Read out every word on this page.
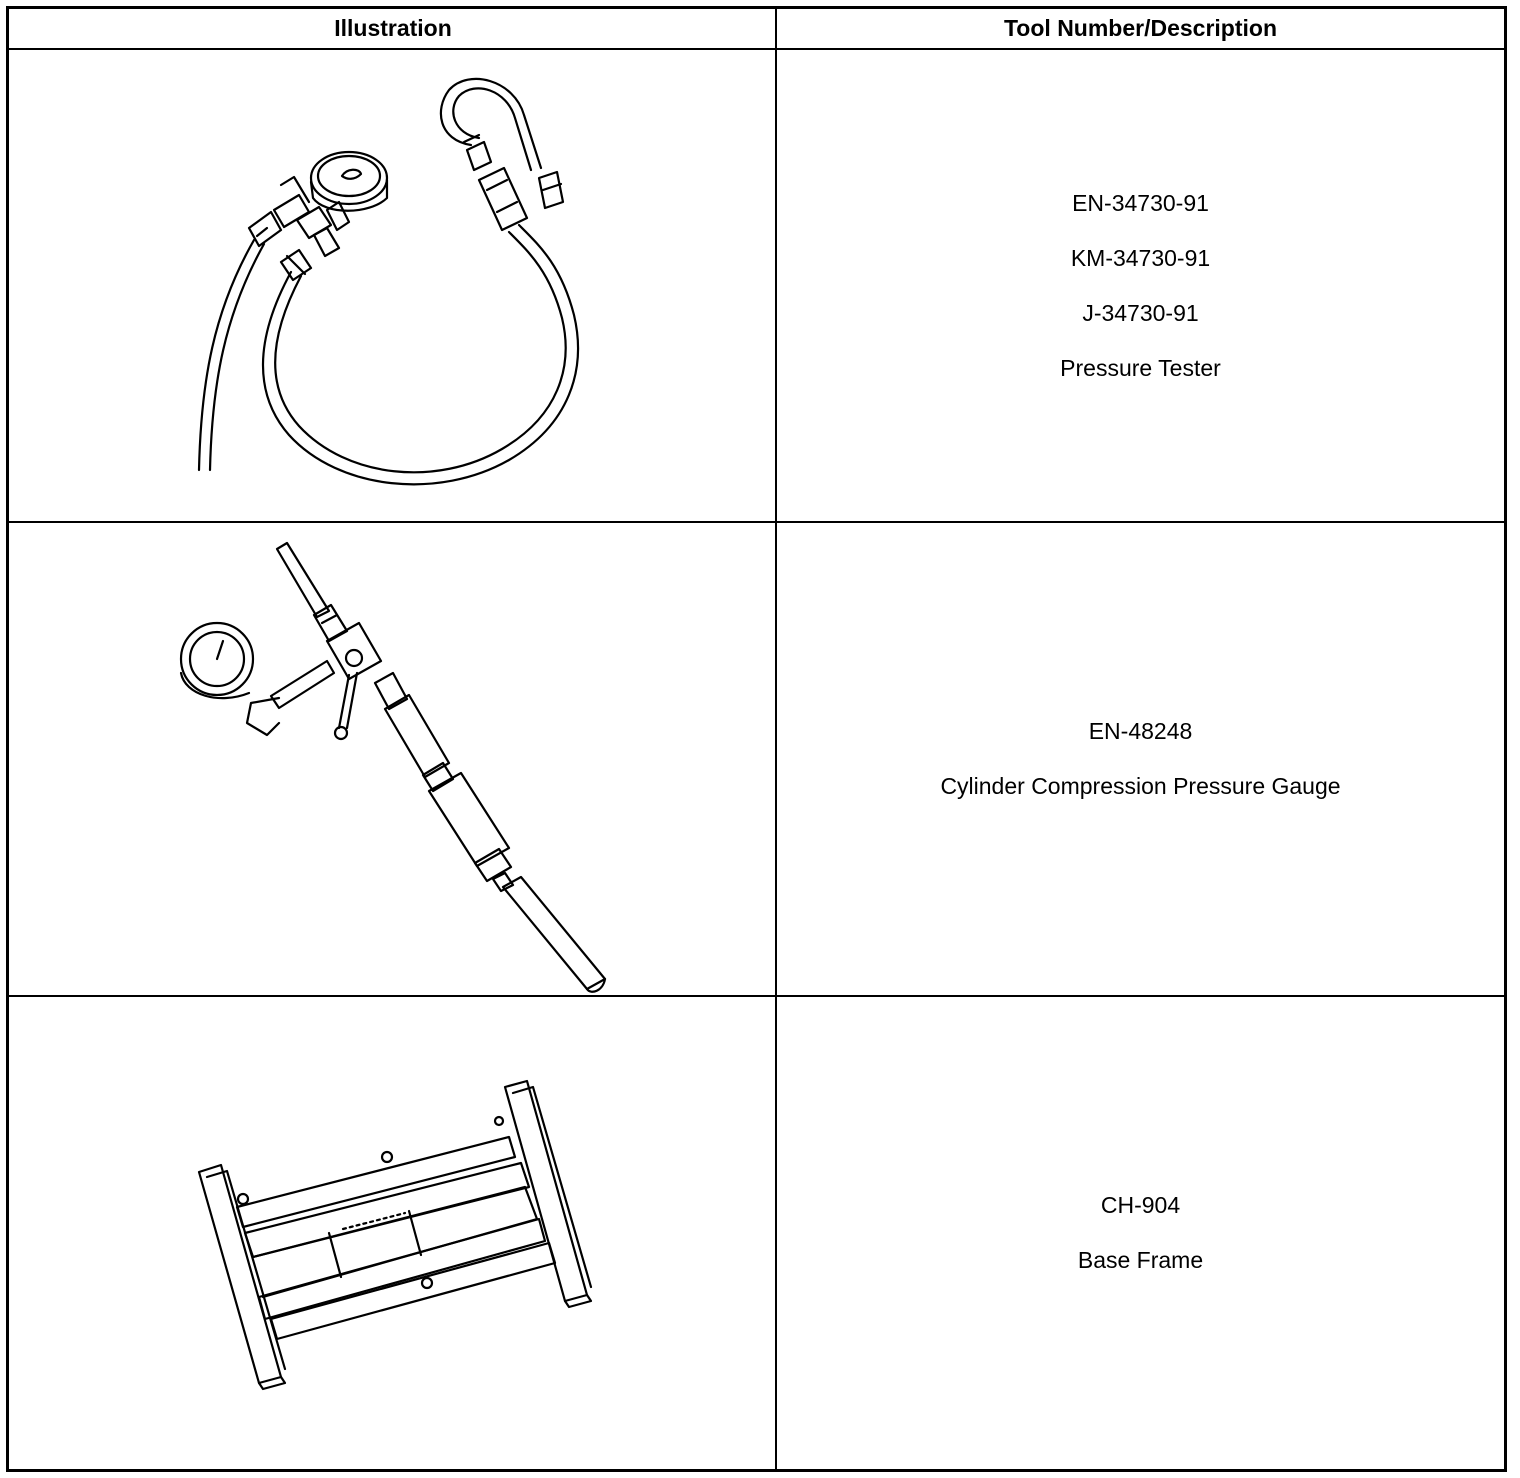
Illustration	Tool Number/Description
EN-34730-91
KM-34730-91
J-34730-91
Pressure Tester
EN-48248
Cylinder Compression Pressure Gauge
CH-904
Base Frame
